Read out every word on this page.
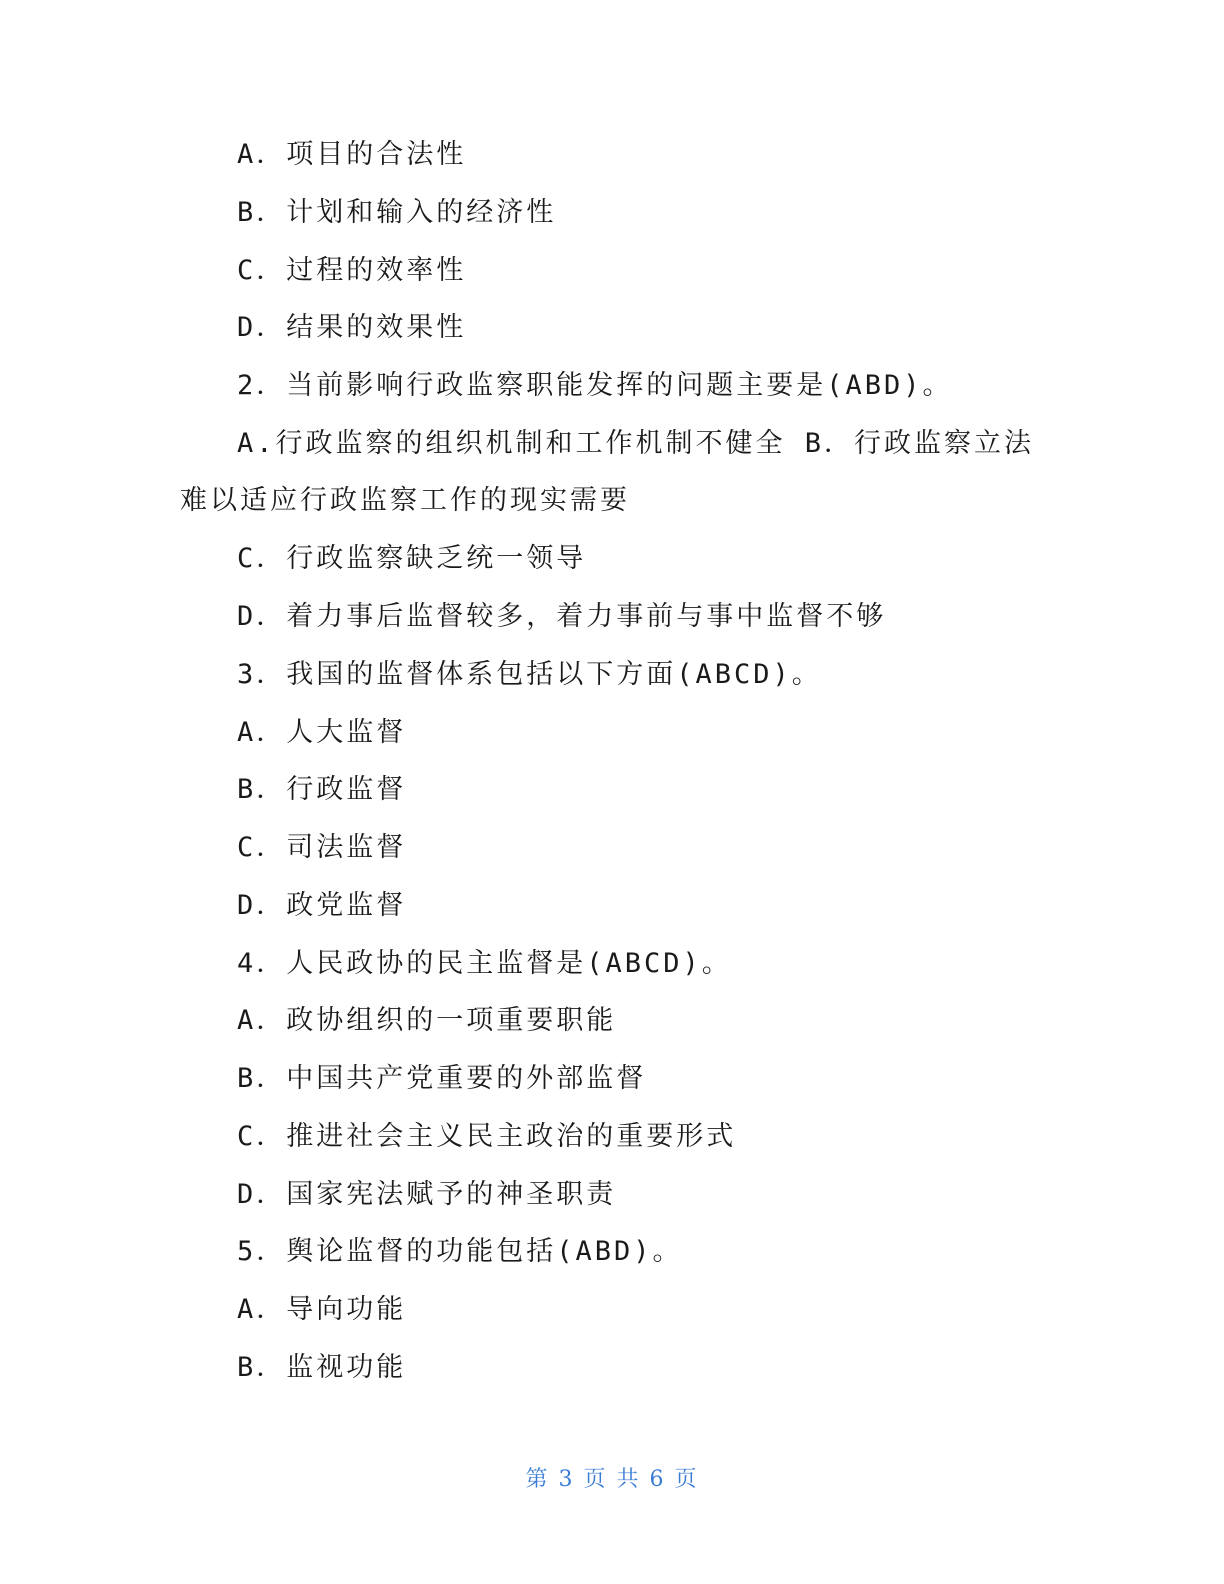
A．项目的合法性
B．计划和输入的经济性
C．过程的效率性
D．结果的效果性
2．当前影响行政监察职能发挥的问题主要是(ABD)。
A.行政监察的组织机制和工作机制不健全 B．行政监察立法
难以适应行政监察工作的现实需要
C．行政监察缺乏统一领导
D．着力事后监督较多，着力事前与事中监督不够
3．我国的监督体系包括以下方面(ABCD)。
A．人大监督
B．行政监督
C．司法监督
D．政党监督
4．人民政协的民主监督是(ABCD)。
A．政协组织的一项重要职能
B．中国共产党重要的外部监督
C．推进社会主义民主政治的重要形式
D．国家宪法赋予的神圣职责
5．舆论监督的功能包括(ABD)。
A．导向功能
B．监视功能
第 3 页 共 6 页
